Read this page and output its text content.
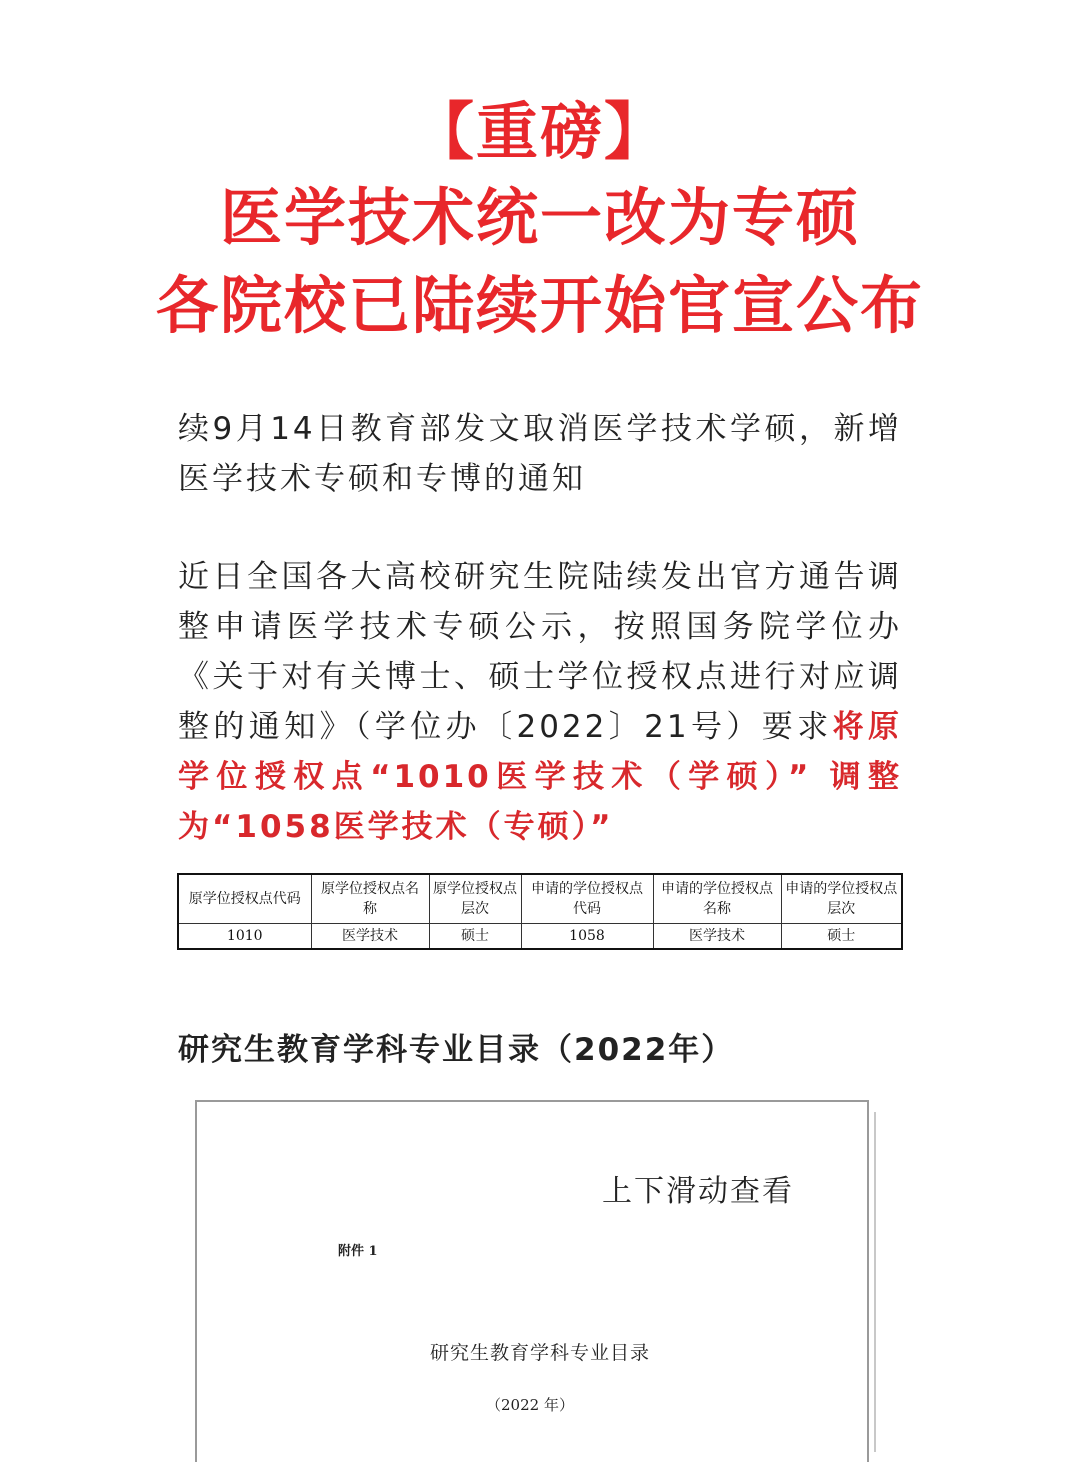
【重磅】
医学技术统一改为专硕
各院校已陆续开始官宣公布

续9月14日教育部发文取消医学技术学硕，新增医学技术专硕和专博的通知

近日全国各大高校研究生院陆续发出官方通告调整申请医学技术专硕公示，按照国务院学位办《关于对有关博士、硕士学位授权点进行对应调整的通知》（学位办〔2022〕21号）要求将原学位授权点“1010医学技术（学硕）” 调整为“1058医学技术（专硕）”

原学位授权点代码	原学位授权点名称	原学位授权点层次	申请的学位授权点代码	申请的学位授权点名称	申请的学位授权点层次
1010	医学技术	硕士	1058	医学技术	硕士
研究生教育学科专业目录（2022年）
上下滑动查看
附件 1
研究生教育学科专业目录
（2022 年）
